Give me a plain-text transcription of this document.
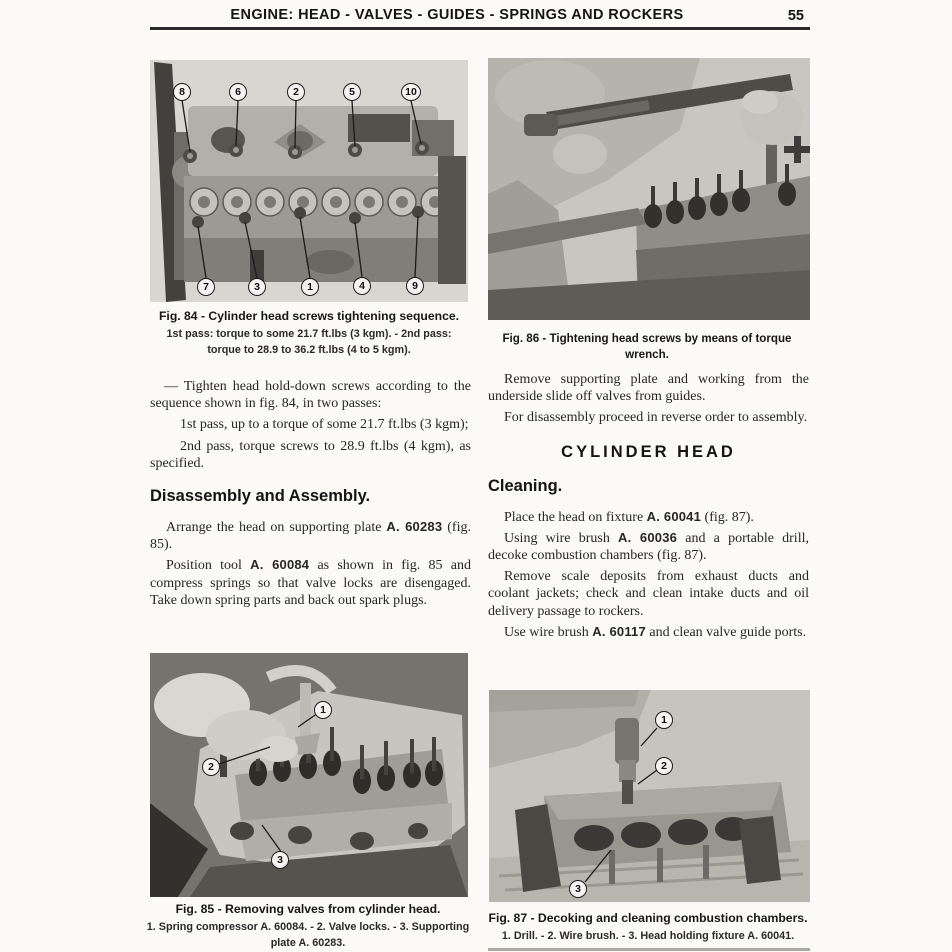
ENGINE: HEAD - VALVES - GUIDES - SPRINGS AND ROCKERS	55
8	6	2	5	10
7	3	1	4	9
Fig. 84 - Cylinder head screws tightening sequence.
1st pass: torque to some 21.7 ft.lbs (3 kgm). - 2nd pass: torque to 28.9 to 36.2 ft.lbs (4 to 5 kgm).
Fig. 86 - Tightening head screws by means of torque wrench.

— Tighten head hold-down screws according to the sequence shown in fig. 84, in two passes:

1st pass, up to a torque of some 21.7 ft.lbs (3 kgm);

2nd pass, torque screws to 28.9 ft.lbs (4 kgm), as specified.

Disassembly and Assembly.

Arrange the head on supporting plate A. 60283 (fig. 85).

Position tool A. 60084 as shown in fig. 85 and compress springs so that valve locks are disengaged. Take down spring parts and back out spark plugs.

Remove supporting plate and working from the underside slide off valves from guides.

For disassembly proceed in reverse order to assembly.

CYLINDER HEAD
Cleaning.

Place the head on fixture A. 60041 (fig. 87).

Using wire brush A. 60036 and a portable drill, decoke combustion chambers (fig. 87).

Remove scale deposits from exhaust ducts and coolant jackets; check and clean intake ducts and oil delivery passage to rockers.

Use wire brush A. 60117 and clean valve guide ports.

1
2
3
Fig. 85 - Removing valves from cylinder head.
1. Spring compressor A. 60084. - 2. Valve locks. - 3. Supporting plate A. 60283.
1
2
3
Fig. 87 - Decoking and cleaning combustion chambers.
1. Drill. - 2. Wire brush. - 3. Head holding fixture A. 60041.
